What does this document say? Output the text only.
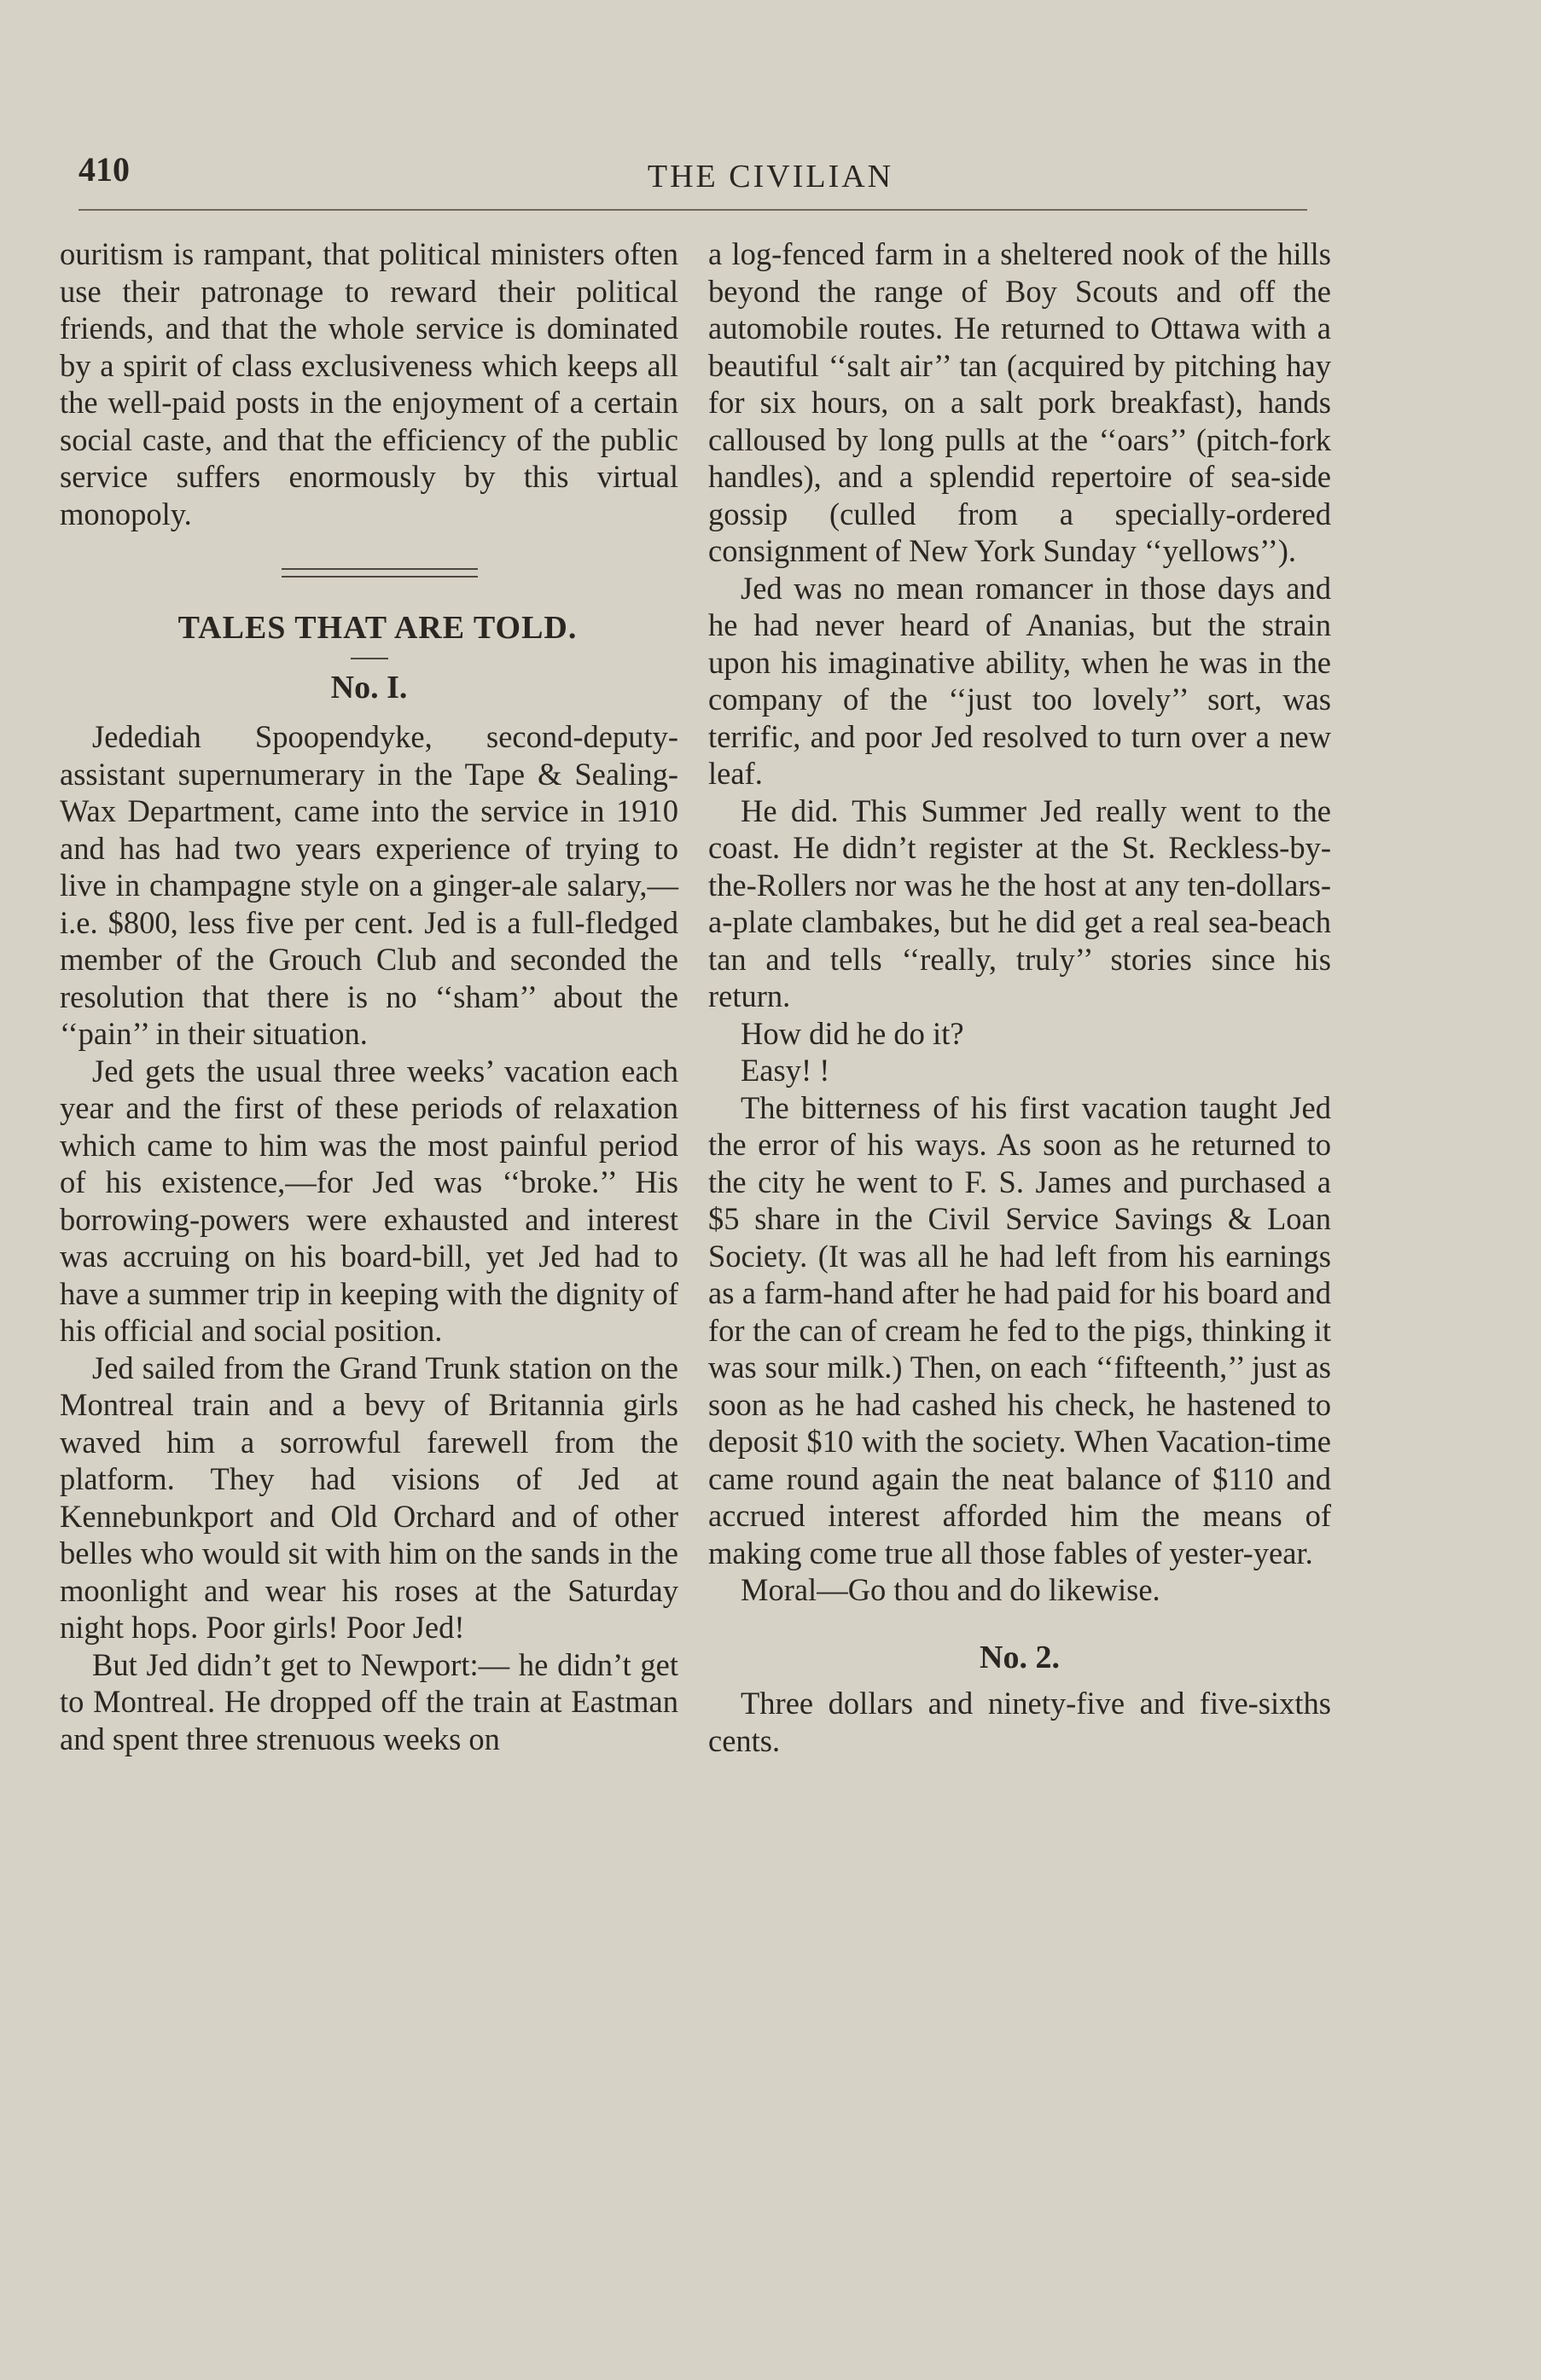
410	THE CIVILIAN

ouritism is rampant, that political ministers often use their patronage to reward their political friends, and that the whole service is dominated by a spirit of class exclusiveness which keeps all the well-paid posts in the enjoyment of a certain social caste, and that the efficiency of the public service suffers enormously by this virtual monopoly.

TALES THAT ARE TOLD.
No. I.

Jedediah Spoopendyke, second-deputy-assistant supernumerary in the Tape & Sealing-Wax Department, came into the service in 1910 and has had two years experience of trying to live in champagne style on a ginger-ale salary,—i.e. $800, less five per cent. Jed is a full-fledged member of the Grouch Club and seconded the resolution that there is no ‘‘sham’’ about the ‘‘pain’’ in their situation.

Jed gets the usual three weeks’ vacation each year and the first of these periods of relaxation which came to him was the most painful period of his existence,—for Jed was ‘‘broke.’’ His borrowing-powers were exhausted and interest was accruing on his board-bill, yet Jed had to have a summer trip in keeping with the dignity of his official and social position.

Jed sailed from the Grand Trunk station on the Montreal train and a bevy of Britannia girls waved him a sorrowful farewell from the platform. They had visions of Jed at Kennebunkport and Old Orchard and of other belles who would sit with him on the sands in the moonlight and wear his roses at the Saturday night hops. Poor girls! Poor Jed!

But Jed didn’t get to Newport:— he didn’t get to Montreal. He dropped off the train at Eastman and spent three strenuous weeks on

a log-fenced farm in a sheltered nook of the hills beyond the range of Boy Scouts and off the automobile routes. He returned to Ottawa with a beautiful ‘‘salt air’’ tan (acquired by pitching hay for six hours, on a salt pork breakfast), hands calloused by long pulls at the ‘‘oars’’ (pitch-fork handles), and a splendid repertoire of sea-side gossip (culled from a specially-ordered consignment of New York Sunday ‘‘yellows’’).

Jed was no mean romancer in those days and he had never heard of Ananias, but the strain upon his imaginative ability, when he was in the company of the ‘‘just too lovely’’ sort, was terrific, and poor Jed resolved to turn over a new leaf.

He did. This Summer Jed really went to the coast. He didn’t register at the St. Reckless-by-the-Rollers nor was he the host at any ten-dollars-a-plate clambakes, but he did get a real sea-beach tan and tells ‘‘really, truly’’ stories since his return.

How did he do it?

Easy! !

The bitterness of his first vacation taught Jed the error of his ways. As soon as he returned to the city he went to F. S. James and purchased a $5 share in the Civil Service Savings & Loan Society. (It was all he had left from his earnings as a farm-hand after he had paid for his board and for the can of cream he fed to the pigs, thinking it was sour milk.) Then, on each ‘‘fifteenth,’’ just as soon as he had cashed his check, he hastened to deposit $10 with the society. When Vacation-time came round again the neat balance of $110 and accrued interest afforded him the means of making come true all those fables of yester-year.

Moral—Go thou and do likewise.

No. 2.

Three dollars and ninety-five and five-sixths cents.
